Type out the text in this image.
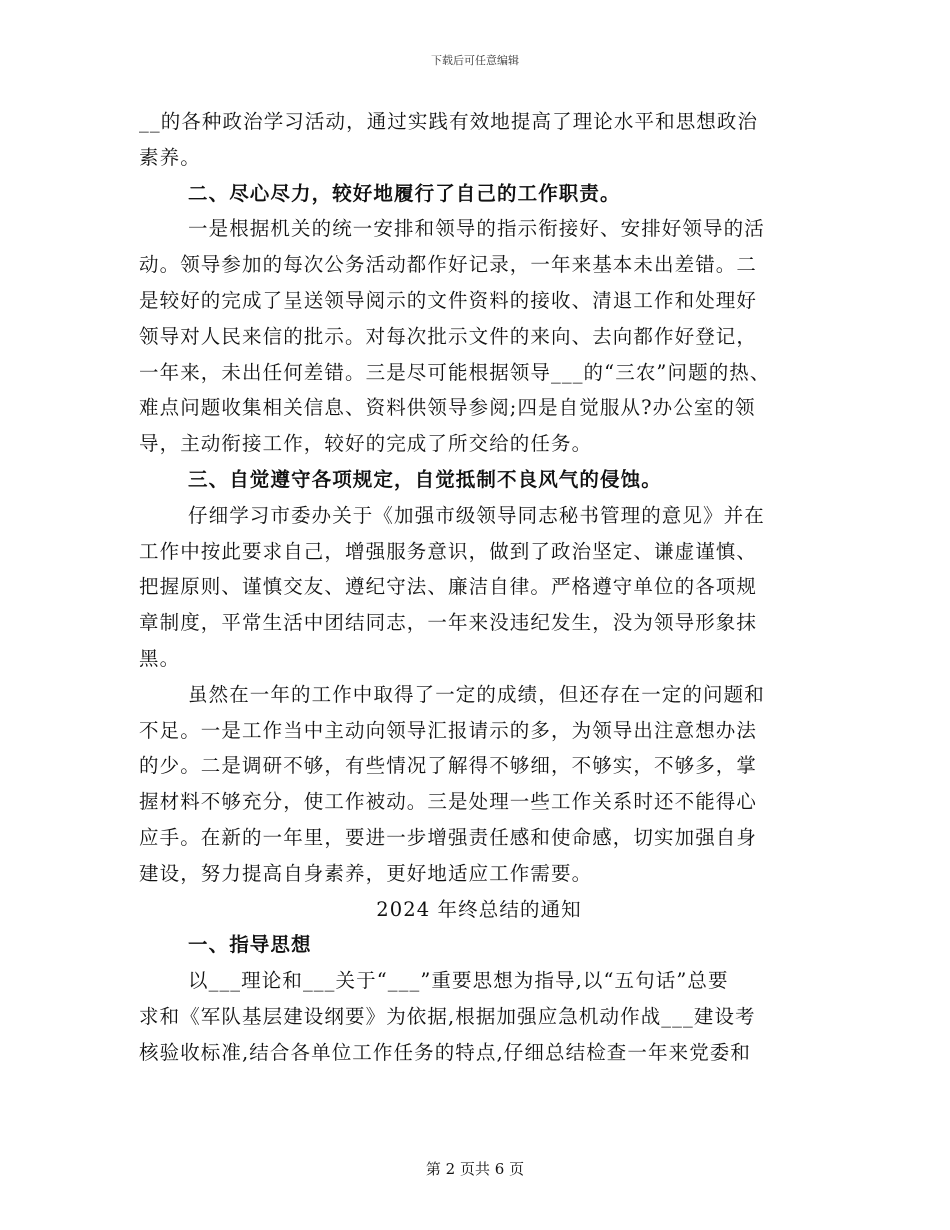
下载后可任意编辑

__的各种政治学习活动，通过实践有效地提高了理论水平和思想政治

素养。

二、尽心尽力，较好地履行了自己的工作职责。

一是根据机关的统一安排和领导的指示衔接好、安排好领导的活

动。领导参加的每次公务活动都作好记录，一年来基本未出差错。二

是较好的完成了呈送领导阅示的文件资料的接收、清退工作和处理好

领导对人民来信的批示。对每次批示文件的来向、去向都作好登记，

一年来，未出任何差错。三是尽可能根据领导___的“三农”问题的热、

难点问题收集相关信息、资料供领导参阅;四是自觉服从?办公室的领

导，主动衔接工作，较好的完成了所交给的任务。

三、自觉遵守各项规定，自觉抵制不良风气的侵蚀。

仔细学习市委办关于《加强市级领导同志秘书管理的意见》并在

工作中按此要求自己，增强服务意识，做到了政治坚定、谦虚谨慎、

把握原则、谨慎交友、遵纪守法、廉洁自律。严格遵守单位的各项规

章制度，平常生活中团结同志，一年来没违纪发生，没为领导形象抹

黑。

虽然在一年的工作中取得了一定的成绩，但还存在一定的问题和

不足。一是工作当中主动向领导汇报请示的多，为领导出注意想办法

的少。二是调研不够，有些情况了解得不够细，不够实，不够多，掌

握材料不够充分，使工作被动。三是处理一些工作关系时还不能得心

应手。在新的一年里，要进一步增强责任感和使命感，切实加强自身

建设，努力提高自身素养，更好地适应工作需要。

2024 年终总结的通知

一、指导思想

以___理论和___关于“___”重要思想为指导,以“五句话”总要

求和《军队基层建设纲要》为依据,根据加强应急机动作战___建设考

核验收标准,结合各单位工作任务的特点,仔细总结检查一年来党委和

第 2 页共 6 页
